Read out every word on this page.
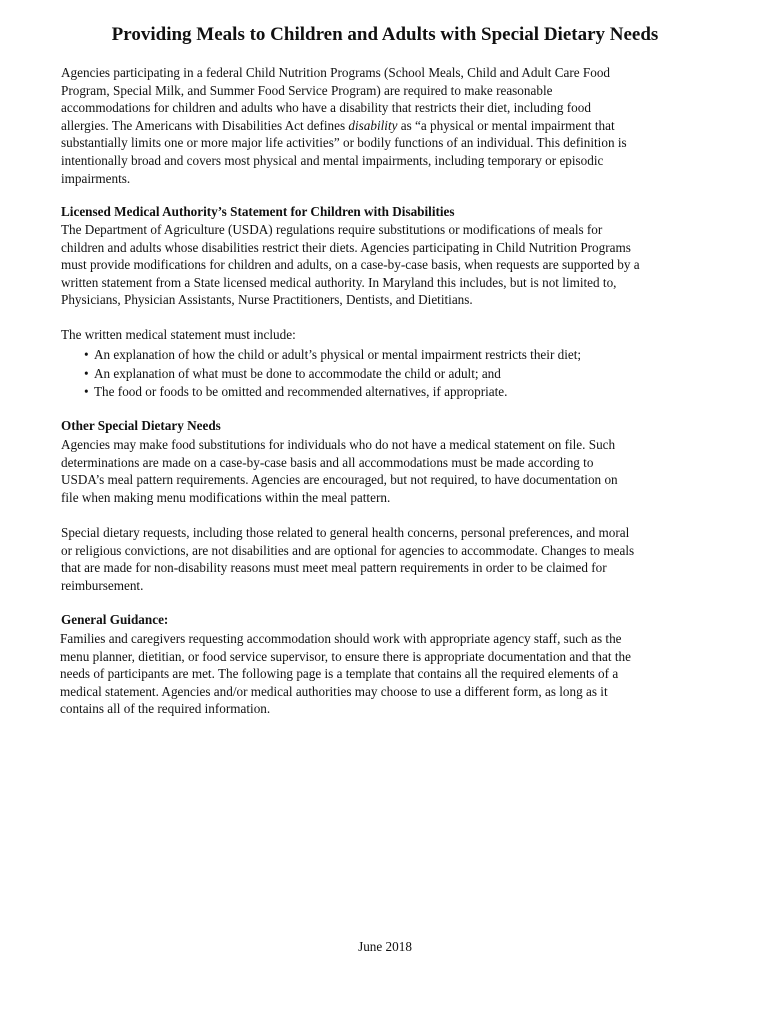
Providing Meals to Children and Adults with Special Dietary Needs

Agencies participating in a federal Child Nutrition Programs (School Meals, Child and Adult Care Food
Program, Special Milk, and Summer Food Service Program) are required to make reasonable
accommodations for children and adults who have a disability that restricts their diet, including food
allergies. The Americans with Disabilities Act defines disability as “a physical or mental impairment that
substantially limits one or more major life activities” or bodily functions of an individual. This definition is
intentionally broad and covers most physical and mental impairments, including temporary or episodic
impairments.

Licensed Medical Authority’s Statement for Children with Disabilities

The Department of Agriculture (USDA) regulations require substitutions or modifications of meals for
children and adults whose disabilities restrict their diets. Agencies participating in Child Nutrition Programs
must provide modifications for children and adults, on a case-by-case basis, when requests are supported by a
written statement from a State licensed medical authority. In Maryland this includes, but is not limited to,
Physicians, Physician Assistants, Nurse Practitioners, Dentists, and Dietitians.

The written medical statement must include:

• An explanation of how the child or adult’s physical or mental impairment restricts their diet;
• An explanation of what must be done to accommodate the child or adult; and
• The food or foods to be omitted and recommended alternatives, if appropriate.
Other Special Dietary Needs

Agencies may make food substitutions for individuals who do not have a medical statement on file. Such
determinations are made on a case-by-case basis and all accommodations must be made according to
USDA’s meal pattern requirements. Agencies are encouraged, but not required, to have documentation on
file when making menu modifications within the meal pattern.

Special dietary requests, including those related to general health concerns, personal preferences, and moral
or religious convictions, are not disabilities and are optional for agencies to accommodate. Changes to meals
that are made for non-disability reasons must meet meal pattern requirements in order to be claimed for
reimbursement.

General Guidance:

Families and caregivers requesting accommodation should work with appropriate agency staff, such as the
menu planner, dietitian, or food service supervisor, to ensure there is appropriate documentation and that the
needs of participants are met. The following page is a template that contains all the required elements of a
medical statement. Agencies and/or medical authorities may choose to use a different form, as long as it
contains all of the required information.

June 2018
